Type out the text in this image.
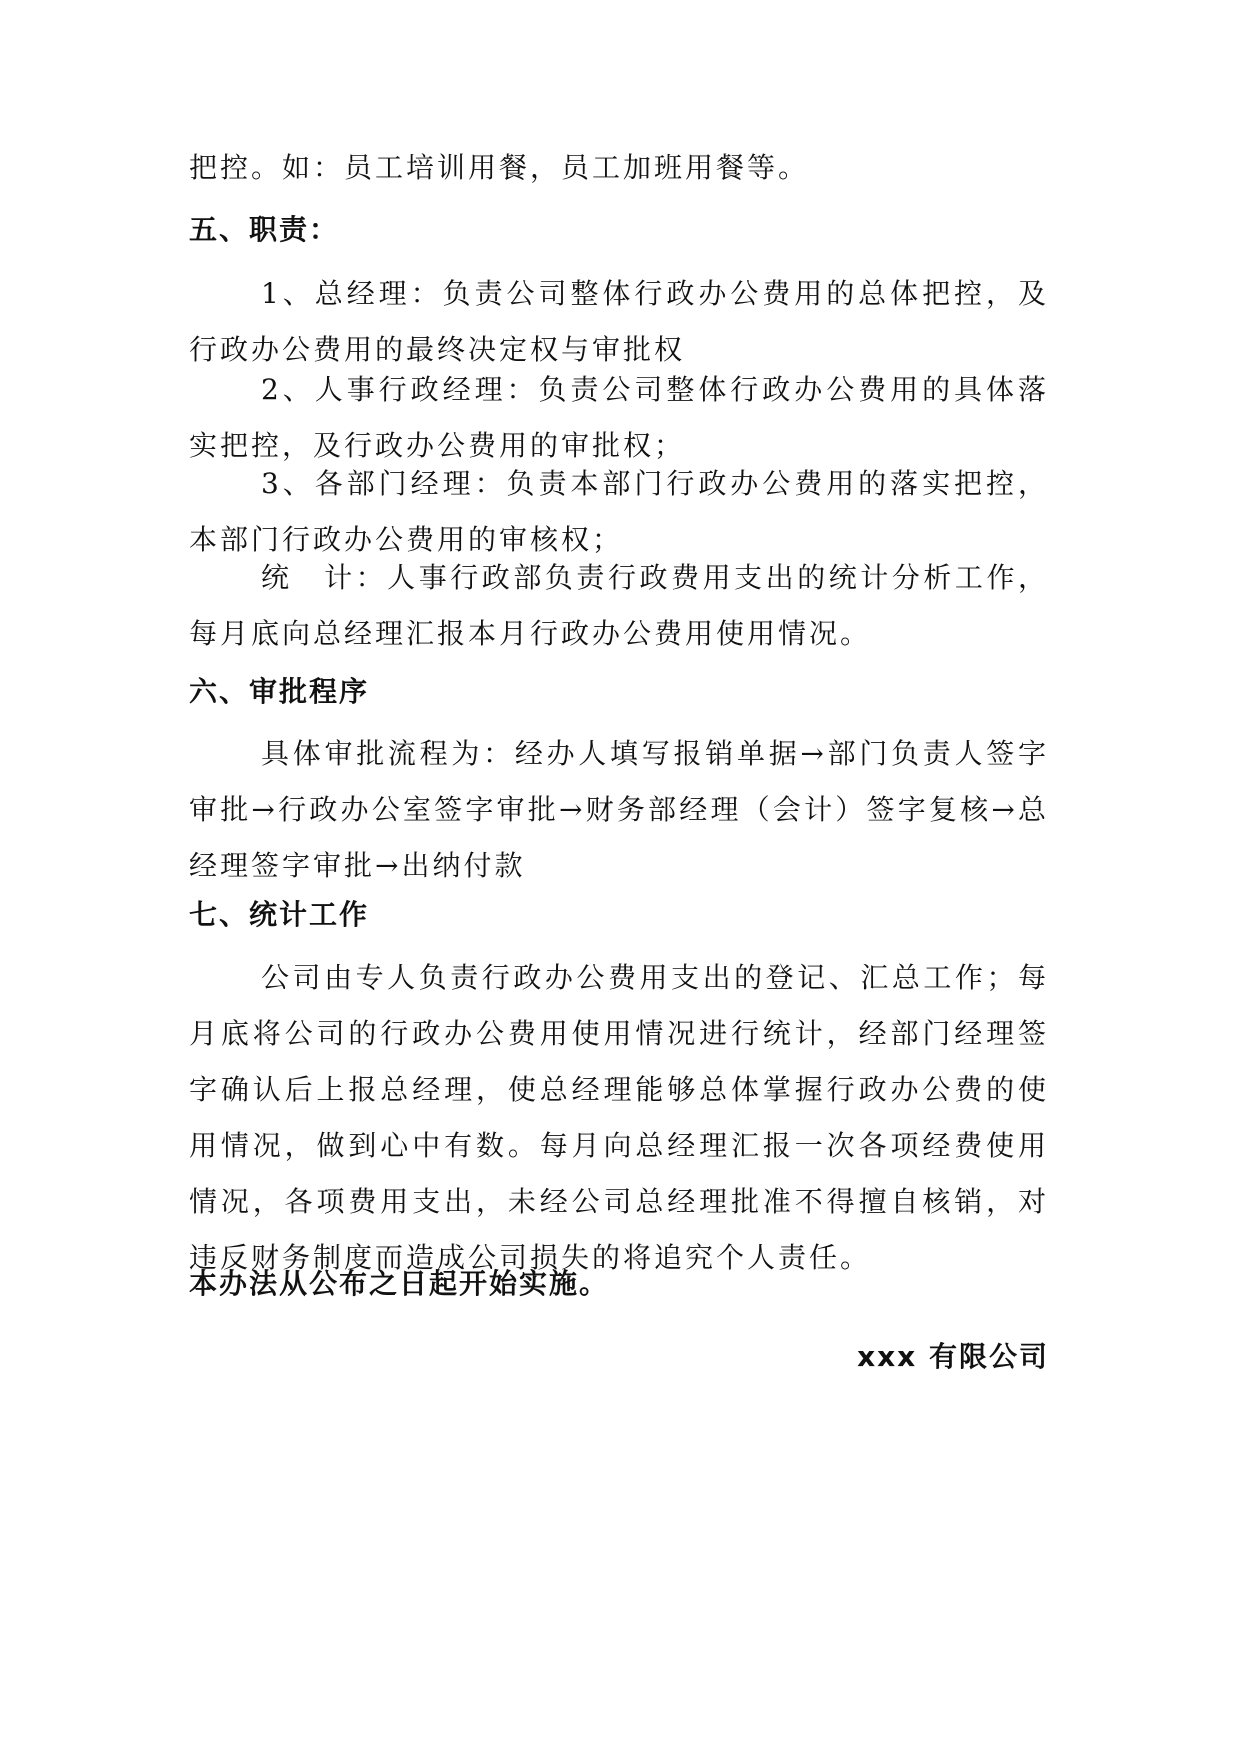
把控。如：员工培训用餐，员工加班用餐等。
五、职责：
1、总经理：负责公司整体行政办公费用的总体把控，及行政办公费用的最终决定权与审批权
2、人事行政经理：负责公司整体行政办公费用的具体落实把控，及行政办公费用的审批权；
3、各部门经理：负责本部门行政办公费用的落实把控，本部门行政办公费用的审核权；
统　计：人事行政部负责行政费用支出的统计分析工作，每月底向总经理汇报本月行政办公费用使用情况。
六、审批程序
具体审批流程为：经办人填写报销单据→部门负责人签字审批→行政办公室签字审批→财务部经理（会计）签字复核→总经理签字审批→出纳付款
七、统计工作
公司由专人负责行政办公费用支出的登记、汇总工作；每月底将公司的行政办公费用使用情况进行统计，经部门经理签字确认后上报总经理，使总经理能够总体掌握行政办公费的使用情况，做到心中有数。每月向总经理汇报一次各项经费使用情况，各项费用支出，未经公司总经理批准不得擅自核销，对违反财务制度而造成公司损失的将追究个人责任。
本办法从公布之日起开始实施。
xxx 有限公司
